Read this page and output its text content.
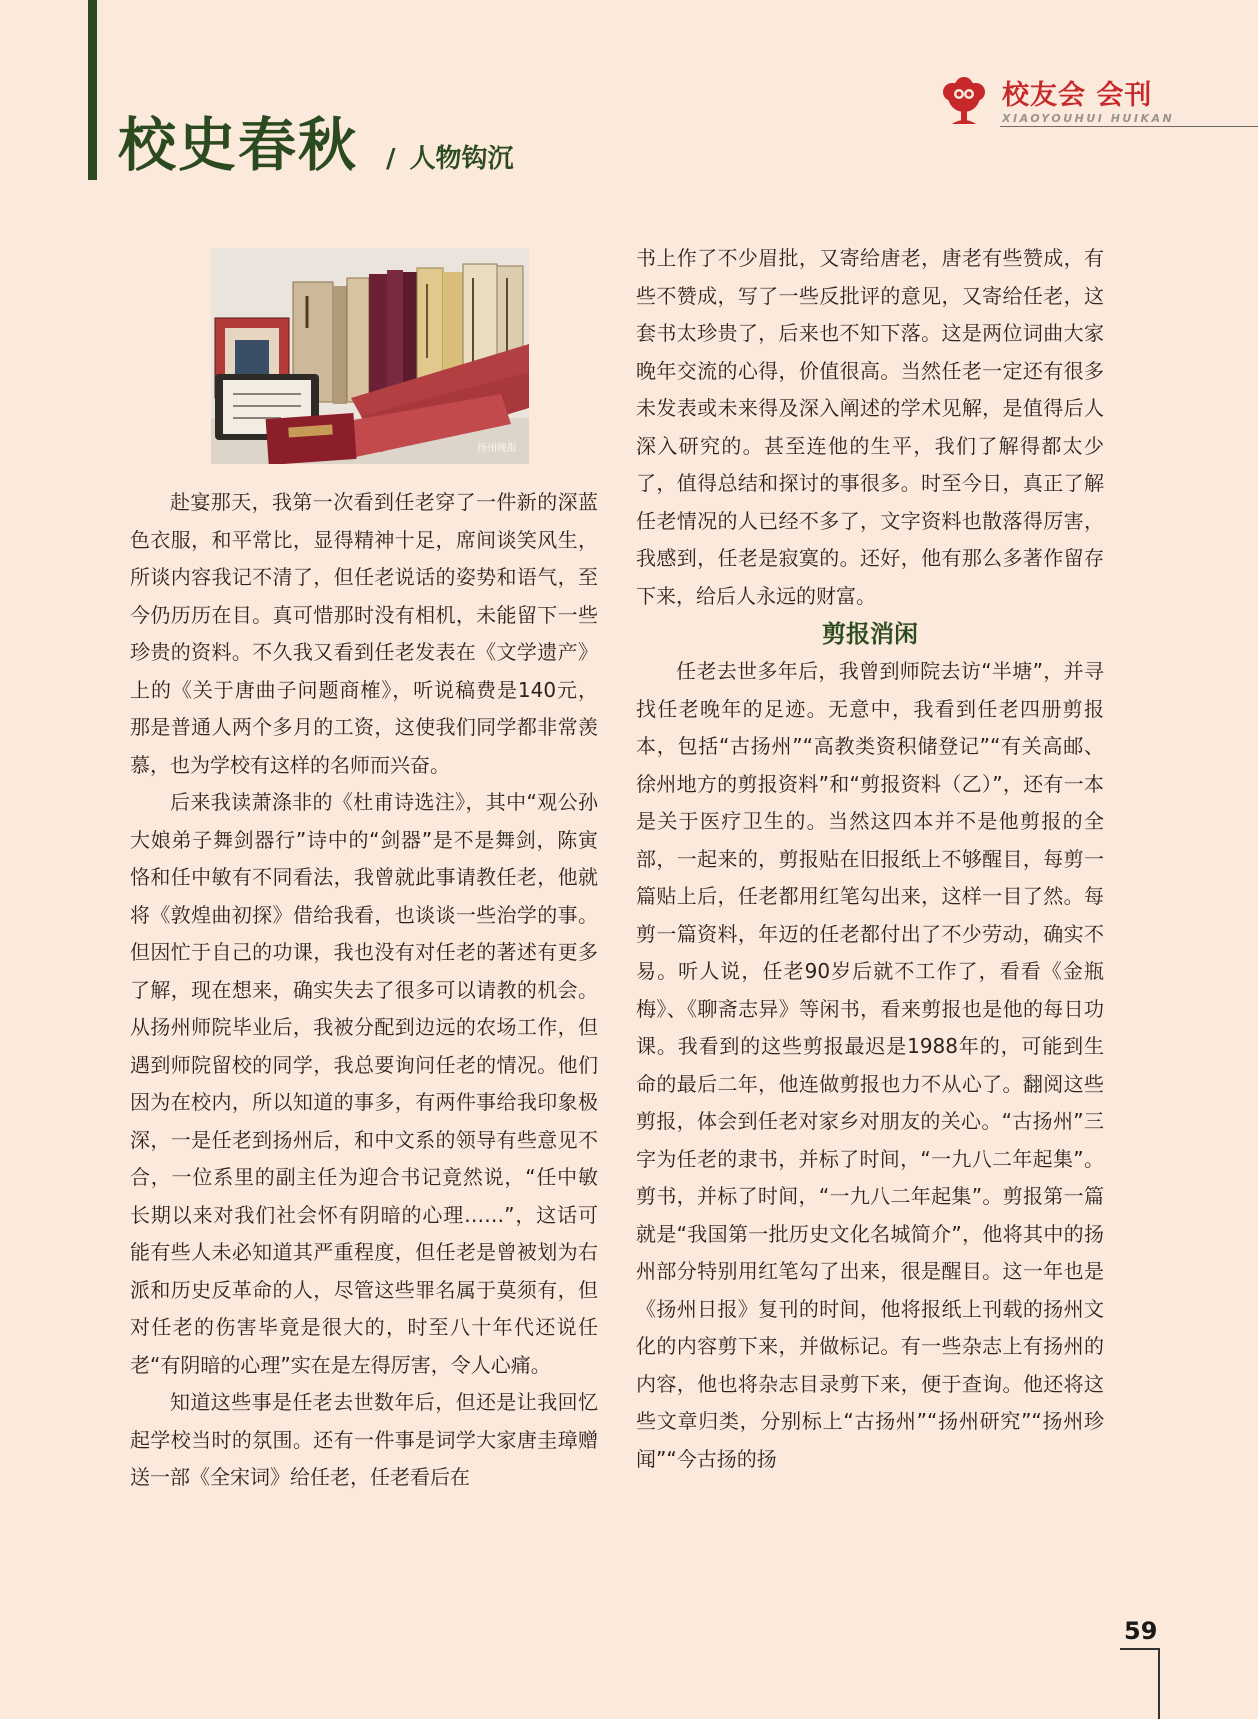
校史春秋 / 人物钩沉
校友会 会刊
XIAOYOUHUI HUIKAN
扬州晚报

赴宴那天，我第一次看到任老穿了一件新的深蓝色衣服，和平常比，显得精神十足，席间谈笑风生，所谈内容我记不清了，但任老说话的姿势和语气，至今仍历历在目。真可惜那时没有相机，未能留下一些珍贵的资料。不久我又看到任老发表在《文学遗产》上的《关于唐曲子问题商榷》，听说稿费是140元，那是普通人两个多月的工资，这使我们同学都非常羡慕，也为学校有这样的名师而兴奋。

后来我读萧涤非的《杜甫诗选注》，其中“观公孙大娘弟子舞剑器行”诗中的“剑器”是不是舞剑，陈寅恪和任中敏有不同看法，我曾就此事请教任老，他就将《敦煌曲初探》借给我看，也谈谈一些治学的事。但因忙于自己的功课，我也没有对任老的著述有更多了解，现在想来，确实失去了很多可以请教的机会。从扬州师院毕业后，我被分配到边远的农场工作，但遇到师院留校的同学，我总要询问任老的情况。他们因为在校内，所以知道的事多，有两件事给我印象极深，一是任老到扬州后，和中文系的领导有些意见不合，一位系里的副主任为迎合书记竟然说，“任中敏长期以来对我们社会怀有阴暗的心理……”，这话可能有些人未必知道其严重程度，但任老是曾被划为右派和历史反革命的人，尽管这些罪名属于莫须有，但对任老的伤害毕竟是很大的，时至八十年代还说任老“有阴暗的心理”实在是左得厉害，令人心痛。

知道这些事是任老去世数年后，但还是让我回忆起学校当时的氛围。还有一件事是词学大家唐圭璋赠送一部《全宋词》给任老，任老看后在

书上作了不少眉批，又寄给唐老，唐老有些赞成，有些不赞成，写了一些反批评的意见，又寄给任老，这套书太珍贵了，后来也不知下落。这是两位词曲大家晚年交流的心得，价值很高。当然任老一定还有很多未发表或未来得及深入阐述的学术见解，是值得后人深入研究的。甚至连他的生平，我们了解得都太少了，值得总结和探讨的事很多。时至今日，真正了解任老情况的人已经不多了，文字资料也散落得厉害，我感到，任老是寂寞的。还好，他有那么多著作留存下来，给后人永远的财富。

剪报消闲

任老去世多年后，我曾到师院去访“半塘”，并寻找任老晚年的足迹。无意中，我看到任老四册剪报本，包括“古扬州”“高教类资积储登记”“有关高邮、徐州地方的剪报资料”和“剪报资料（乙）”，还有一本是关于医疗卫生的。当然这四本并不是他剪报的全部，一起来的，剪报贴在旧报纸上不够醒目，每剪一篇贴上后，任老都用红笔勾出来，这样一目了然。每剪一篇资料，年迈的任老都付出了不少劳动，确实不易。听人说，任老90岁后就不工作了，看看《金瓶梅》、《聊斋志异》等闲书，看来剪报也是他的每日功课。我看到的这些剪报最迟是1988年的，可能到生命的最后二年，他连做剪报也力不从心了。翻阅这些剪报，体会到任老对家乡对朋友的关心。“古扬州”三字为任老的隶书，并标了时间，“一九八二年起集”。剪书，并标了时间，“一九八二年起集”。剪报第一篇就是“我国第一批历史文化名城简介”，他将其中的扬州部分特别用红笔勾了出来，很是醒目。这一年也是《扬州日报》复刊的时间，他将报纸上刊载的扬州文化的内容剪下来，并做标记。有一些杂志上有扬州的内容，他也将杂志目录剪下来，便于查询。他还将这些文章归类，分别标上“古扬州”“扬州研究”“扬州珍闻”“今古扬的扬

59
